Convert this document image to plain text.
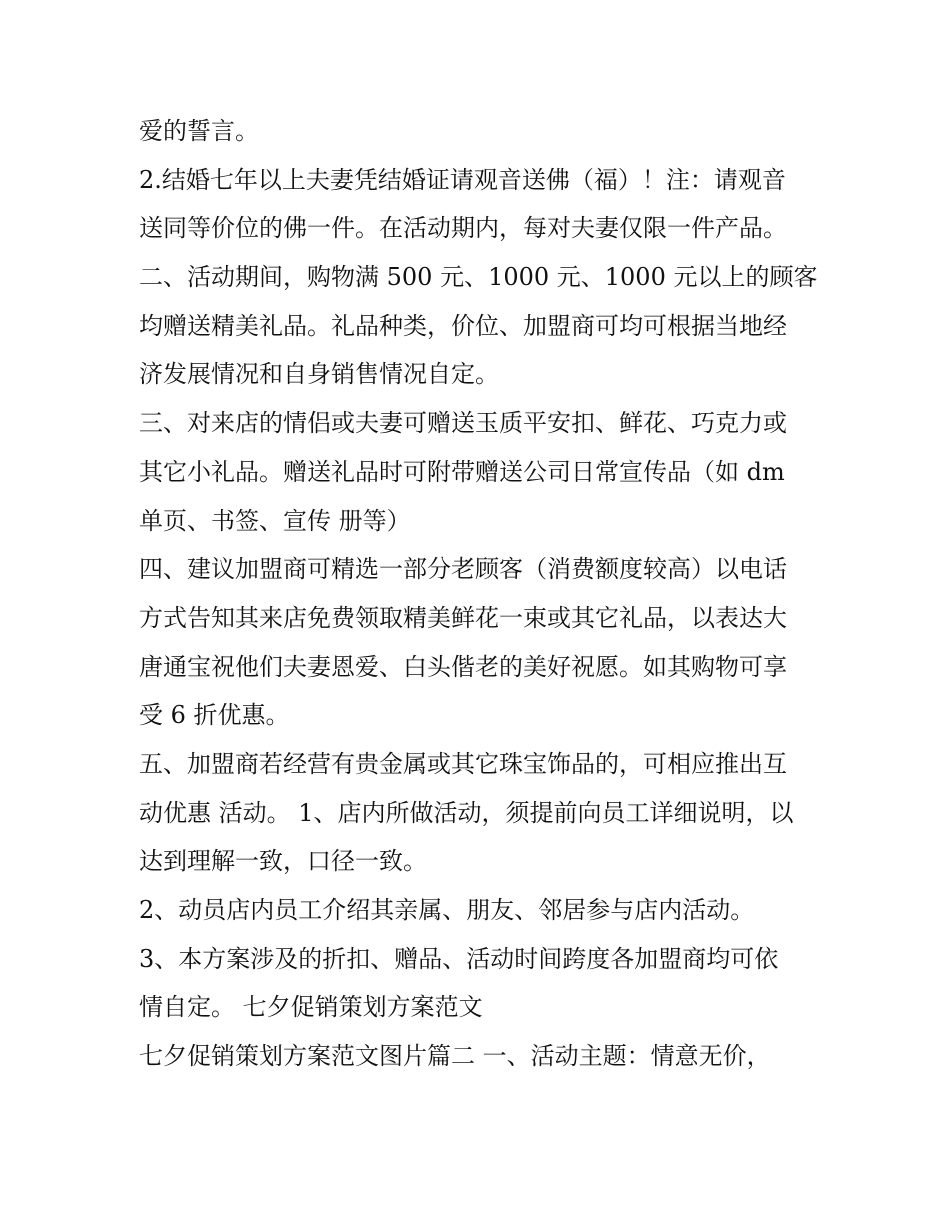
爱的誓言。
2.结婚七年以上夫妻凭结婚证请观音送佛（福）！注：请观音
送同等价位的佛一件。在活动期内，每对夫妻仅限一件产品。
二、活动期间，购物满 500 元、1000 元、1000 元以上的顾客
均赠送精美礼品。礼品种类，价位、加盟商可均可根据当地经
济发展情况和自身销售情况自定。
三、对来店的情侣或夫妻可赠送玉质平安扣、鲜花、巧克力或
其它小礼品。赠送礼品时可附带赠送公司日常宣传品（如 dm
单页、书签、宣传 册等）
四、建议加盟商可精选一部分老顾客（消费额度较高）以电话
方式告知其来店免费领取精美鲜花一束或其它礼品，以表达大
唐通宝祝他们夫妻恩爱、白头偕老的美好祝愿。如其购物可享
受 6 折优惠。
五、加盟商若经营有贵金属或其它珠宝饰品的，可相应推出互
动优惠 活动。 1、店内所做活动，须提前向员工详细说明，以
达到理解一致，口径一致。
2、动员店内员工介绍其亲属、朋友、邻居参与店内活动。
3、本方案涉及的折扣、赠品、活动时间跨度各加盟商均可依
情自定。 七夕促销策划方案范文
七夕促销策划方案范文图片篇二 一、活动主题：情意无价，
